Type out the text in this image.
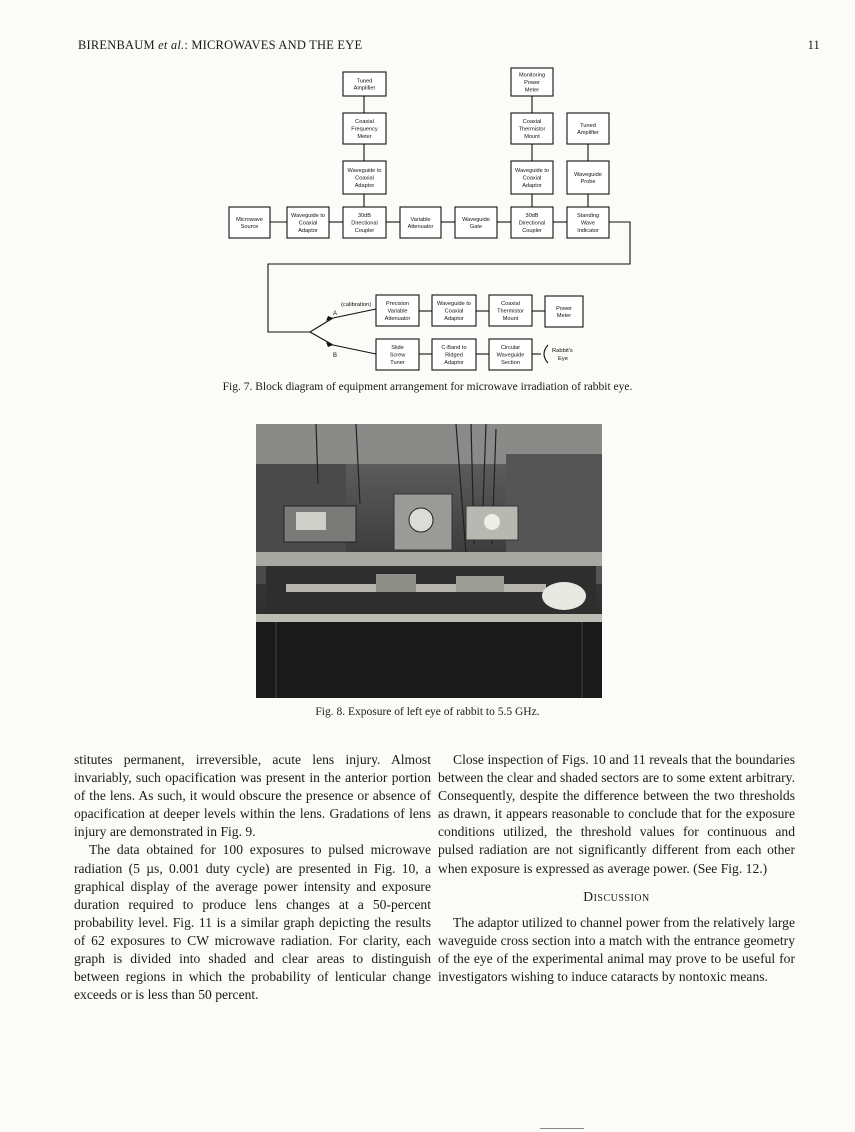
BIRENBAUM et al.: MICROWAVES AND THE EYE	11
Tuned
Amplifier
Coaxial
Frequency
Meter
Waveguide to
Coaxial
Adaptor
Microwave
Source
Waveguide to
Coaxial
Adaptor
30dB
Directional
Coupler
Variable
Attenuator
Waveguide
Gate
30dB
Directional
Coupler
Waveguide to
Coaxial
Adaptor
Coaxial
Thermistor
Mount
Monitoring
Power
Meter
Tuned
Amplifier
Waveguide
Probe
Standing
Wave
Indicator
Precision
Variable
Attenuator
Waveguide to
Coaxial
Adaptor
Coaxial
Thermistor
Mount
Power
Meter
Slide
Screw
Tuner
C-Band to
Ridged
Adaptor
Circular
Waveguide
Section
(calibration)
A
B
Rabbit's
Eye
Fig. 7. Block diagram of equipment arrangement for microwave irradiation of rabbit eye.
Fig. 8. Exposure of left eye of rabbit to 5.5 GHz.

stitutes permanent, irreversible, acute lens injury. Almost invariably, such opacification was present in the anterior portion of the lens. As such, it would obscure the presence or absence of opacification at deeper levels within the lens. Gradations of lens injury are demonstrated in Fig. 9.

The data obtained for 100 exposures to pulsed microwave radiation (5 µs, 0.001 duty cycle) are presented in Fig. 10, a graphical display of the average power intensity and exposure duration required to produce lens changes at a 50-percent probability level. Fig. 11 is a similar graph depicting the results of 62 exposures to CW microwave radiation. For clarity, each graph is divided into shaded and clear areas to distinguish between regions in which the probability of lenticular change exceeds or is less than 50 percent.

Close inspection of Figs. 10 and 11 reveals that the boundaries between the clear and shaded sectors are to some extent arbitrary. Consequently, despite the difference between the two thresholds as drawn, it appears reasonable to conclude that for the exposure conditions utilized, the threshold values for continuous and pulsed radiation are not significantly different from each other when exposure is expressed as average power. (See Fig. 12.)

Discussion

The adaptor utilized to channel power from the relatively large waveguide cross section into a match with the entrance geometry of the eye of the experimental animal may prove to be useful for investigators wishing to induce cataracts by nontoxic means.
